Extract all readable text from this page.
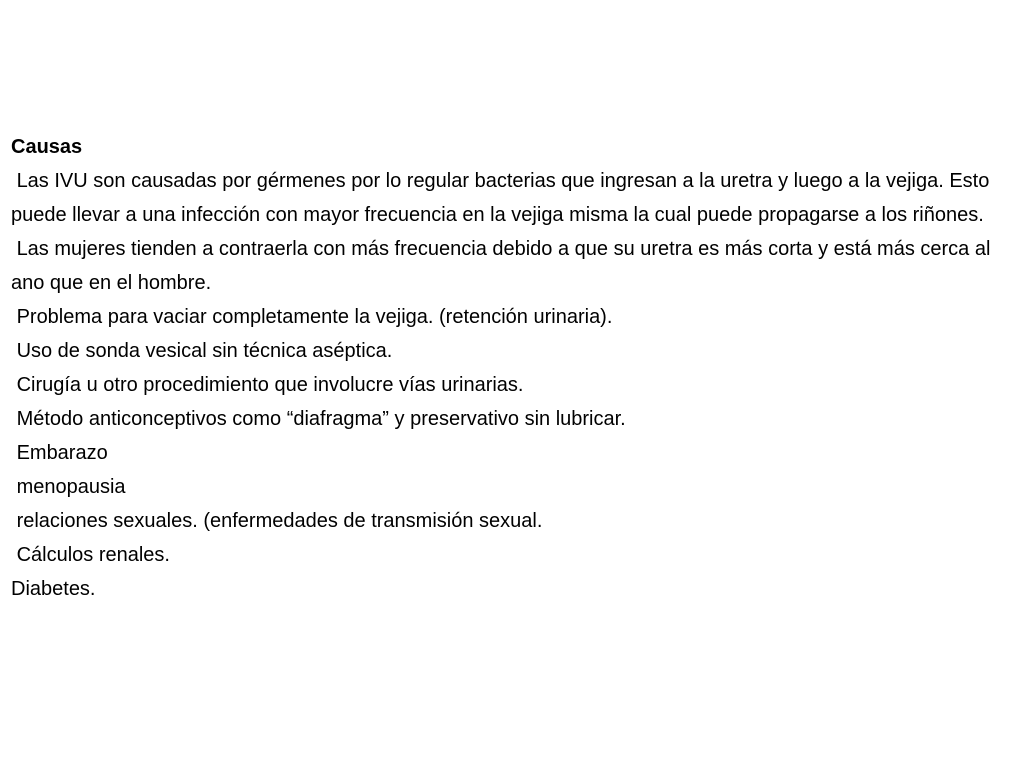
Causas

Las IVU son causadas por gérmenes por lo regular bacterias que ingresan a la uretra y luego a la vejiga. Esto puede llevar a una infección con mayor frecuencia en la vejiga misma la cual puede propagarse a los riñones.

Las mujeres tienden a contraerla con más frecuencia debido a que su uretra es más corta y está más cerca al ano que en el hombre.

Problema para vaciar completamente la vejiga. (retención urinaria).

Uso de sonda vesical sin técnica aséptica.

Cirugía u otro procedimiento que involucre vías urinarias.

Método anticonceptivos como “diafragma” y preservativo sin lubricar.

Embarazo

menopausia

relaciones sexuales. (enfermedades de transmisión sexual.

Cálculos renales.

Diabetes.
